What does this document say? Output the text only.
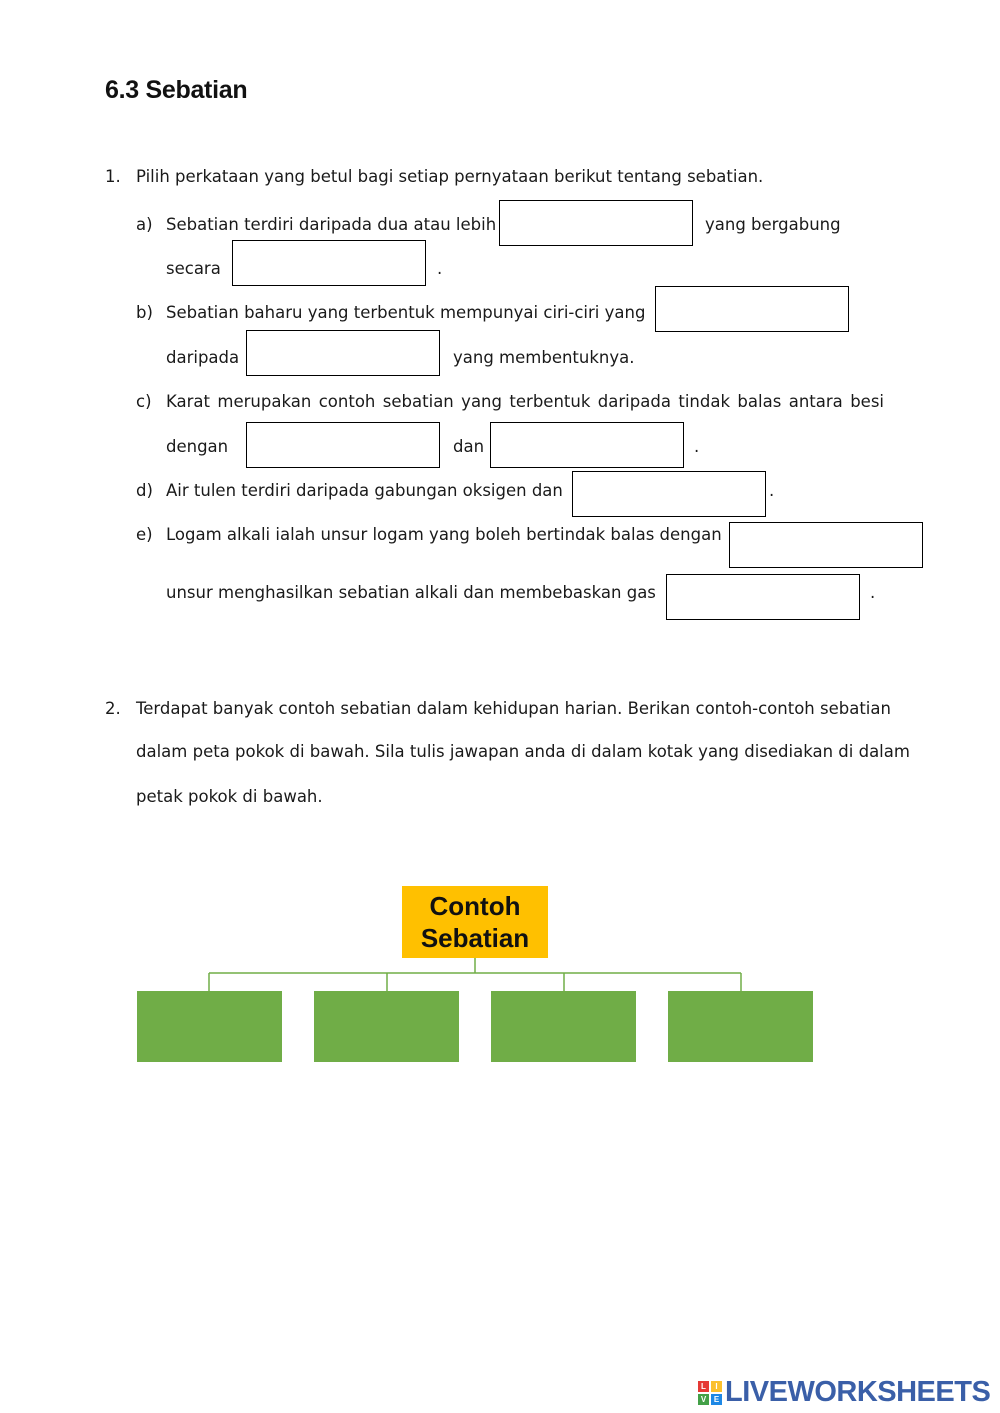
6.3 Sebatian
1. Pilih perkataan yang betul bagi setiap pernyataan berikut tentang sebatian.
a) Sebatian terdiri daripada dua atau lebih	yang bergabung
secara	.
b) Sebatian baharu yang terbentuk mempunyai ciri-ciri yang
daripada	yang membentuknya.
c) Karat merupakan contoh sebatian yang terbentuk daripada tindak balas antara besi
dengan	dan	.
d) Air tulen terdiri daripada gabungan oksigen dan	.
e) Logam alkali ialah unsur logam yang boleh bertindak balas dengan
unsur menghasilkan sebatian alkali dan membebaskan gas	.
2. Terdapat banyak contoh sebatian dalam kehidupan harian. Berikan contoh-contoh sebatian
dalam peta pokok di bawah. Sila tulis jawapan anda di dalam kotak yang disediakan di dalam
petak pokok di bawah.
Contoh
Sebatian
L	I
V E LIVEWORKSHEETS
